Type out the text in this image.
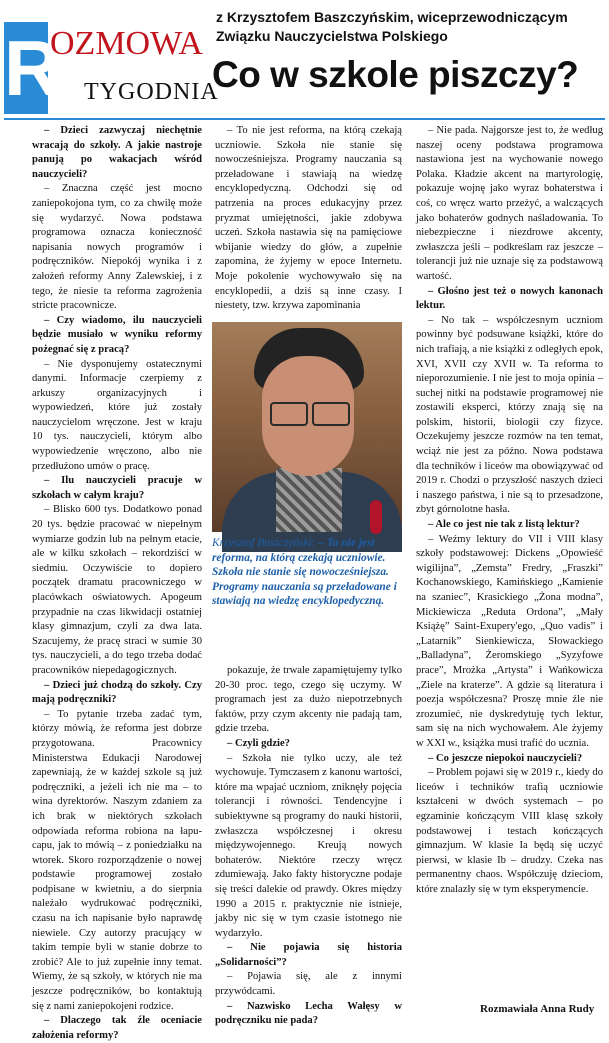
R
OZMOWA
TYGODNIA
z Krzysztofem Baszczyńskim, wiceprzewodniczącym Związku Nauczycielstwa Polskiego
Co w szkole piszczy?

– Dzieci zazwyczaj niechętnie wracają do szkoły. A jakie nastroje panują po wakacjach wśród nauczycieli?

– Znaczna część jest mocno zaniepokojona tym, co za chwilę może się wydarzyć. Nowa podstawa programowa oznacza konieczność napisania nowych programów i podręczników. Niepokój wynika i z założeń reformy Anny Zalewskiej, i z tego, że niesie ta reforma zagrożenia stricte pracownicze.

– Czy wiadomo, ilu nauczycieli będzie musiało w wyniku reformy pożegnać się z pracą?

– Nie dysponujemy ostatecznymi danymi. Informacje czerpiemy z arkuszy organizacyjnych i wypowiedzeń, które już zostały nauczycielom wręczone. Jest w kraju 10 tys. nauczycieli, którym albo wypowiedzenie wręczono, albo nie przedłużono umów o pracę.

– Ilu nauczycieli pracuje w szkołach w całym kraju?

– Blisko 600 tys. Dodatkowo ponad 20 tys. będzie pracować w niepełnym wymiarze godzin lub na pełnym etacie, ale w kilku szkołach – rekordziści w siedmiu. Oczywiście to dopiero początek dramatu pracowniczego w placówkach oświatowych. Apogeum przypadnie na czas likwidacji ostatniej klasy gimnazjum, czyli za dwa lata. Szacujemy, że pracę straci w sumie 30 tys. nauczycieli, a do tego trzeba dodać pracowników niepedagogicznych.

– Dzieci już chodzą do szkoły. Czy mają podręczniki?

– To pytanie trzeba zadać tym, którzy mówią, że reforma jest dobrze przygotowana. Pracownicy Ministerstwa Edukacji Narodowej zapewniają, że w każdej szkole są już podręczniki, a jeżeli ich nie ma – to wina dyrektorów. Naszym zdaniem za ich brak w niektórych szkołach odpowiada reforma robiona na łapu-capu, jak to mówią – z poniedziałku na wtorek. Skoro rozporządzenie o nowej podstawie programowej zostało podpisane w kwietniu, a do sierpnia należało wydrukować podręczniki, czasu na ich napisanie było naprawdę niewiele. Czy autorzy pracujący w takim tempie byli w stanie dobrze to zrobić? Ale to już zupełnie inny temat. Wiemy, że są szkoły, w których nie ma jeszcze podręczników, bo kontaktują się z nami zaniepokojeni rodzice.

– Dlaczego tak źle oceniacie założenia reformy?

– To nie jest reforma, na którą czekają uczniowie. Szkoła nie stanie się nowocześniejsza. Programy nauczania są przeładowane i stawiają na wiedzę encyklopedyczną. Odchodzi się od patrzenia na proces edukacyjny przez pryzmat umiejętności, jakie zdobywa uczeń. Szkoła nastawia się na pamięciowe wbijanie wiedzy do głów, a zupełnie zapomina, że żyjemy w epoce Internetu. Moje pokolenie wychowywało się na encyklopedii, a dziś są inne czasy. I niestety, tzw. krzywa zapominania

Krzysztof Baszczyński: – To nie jest reforma, na którą czekają uczniowie. Szkoła nie stanie się nowocześniejsza. Programy nauczania są przeładowane i stawiają na wiedzę encyklopedyczną.

pokazuje, że trwale zapamiętujemy tylko 20-30 proc. tego, czego się uczymy. W programach jest za dużo niepotrzebnych faktów, przy czym akcenty nie padają tam, gdzie trzeba.

– Czyli gdzie?

– Szkoła nie tylko uczy, ale też wychowuje. Tymczasem z kanonu wartości, które ma wpajać uczniom, zniknęły pojęcia tolerancji i równości. Tendencyjne i subiektywne są programy do nauki historii, zwłaszcza współczesnej i okresu międzywojennego. Kreują nowych bohaterów. Niektóre rzeczy wręcz zdumiewają. Jako fakty historyczne podaje się treści dalekie od prawdy. Okres między 1990 a 2015 r. praktycznie nie istnieje, jakby nic się w tym czasie istotnego nie wydarzyło.

– Nie pojawia się historia „Solidarności”?

– Pojawia się, ale z innymi przywódcami.

– Nazwisko Lecha Wałęsy w podręczniku nie pada?

– Nie pada. Najgorsze jest to, że według naszej oceny podstawa programowa nastawiona jest na wychowanie nowego Polaka. Kładzie akcent na martyrologię, pokazuje wojnę jako wyraz bohaterstwa i coś, co wręcz warto przeżyć, a walczących jako bohaterów godnych naśladowania. To niebezpieczne i niezdrowe akcenty, zwłaszcza jeśli – podkreślam raz jeszcze – tolerancji już nie uznaje się za podstawową wartość.

– Głośno jest też o nowych kanonach lektur.

– No tak – współczesnym uczniom powinny być podsuwane książki, które do nich trafiają, a nie książki z odległych epok, XVI, XVII czy XVII w. Ta reforma to nieporozumienie. I nie jest to moja opinia – suchej nitki na podstawie programowej nie zostawili eksperci, którzy znają się na polskim, historii, biologii czy fizyce. Oczekujemy jeszcze rozmów na ten temat, wciąż nie jest za późno. Nowa podstawa dla techników i liceów ma obowiązywać od 2019 r. Chodzi o przyszłość naszych dzieci i naszego państwa, i nie są to przesadzone, zbyt górnolotne hasła.

– Ale co jest nie tak z listą lektur?

– Weźmy lektury do VII i VIII klasy szkoły podstawowej: Dickens „Opowieść wigilijna”, „Zemsta” Fredry, „Fraszki” Kochanowskiego, Kamińskiego „Kamienie na szaniec”, Krasickiego „Żona modna”, Mickiewicza „Reduta Ordona”, „Mały Książę” Saint-Exupery'ego, „Quo vadis” i „Latarnik” Sienkiewicza, Słowackiego „Balladyna”, Żeromskiego „Syzyfowe prace”, Mrożka „Artysta” i Wańkowicza „Ziele na kraterze”. A gdzie są literatura i poezja współczesna? Proszę mnie źle nie zrozumieć, nie dyskredytuję tych lektur, sam się na nich wychowałem. Ale żyjemy w XXI w., książka musi trafić do ucznia.

– Co jeszcze niepokoi nauczycieli?

– Problem pojawi się w 2019 r., kiedy do liceów i techników trafią uczniowie kształceni w dwóch systemach – po egzaminie kończącym VIII klasę szkoły podstawowej i testach kończących gimnazjum. W klasie Ia będą się uczyć pierwsi, w klasie Ib – drudzy. Czeka nas permanentny chaos. Współczuję dzieciom, które znalazły się w tym eksperymencie.

Rozmawiała Anna Rudy
